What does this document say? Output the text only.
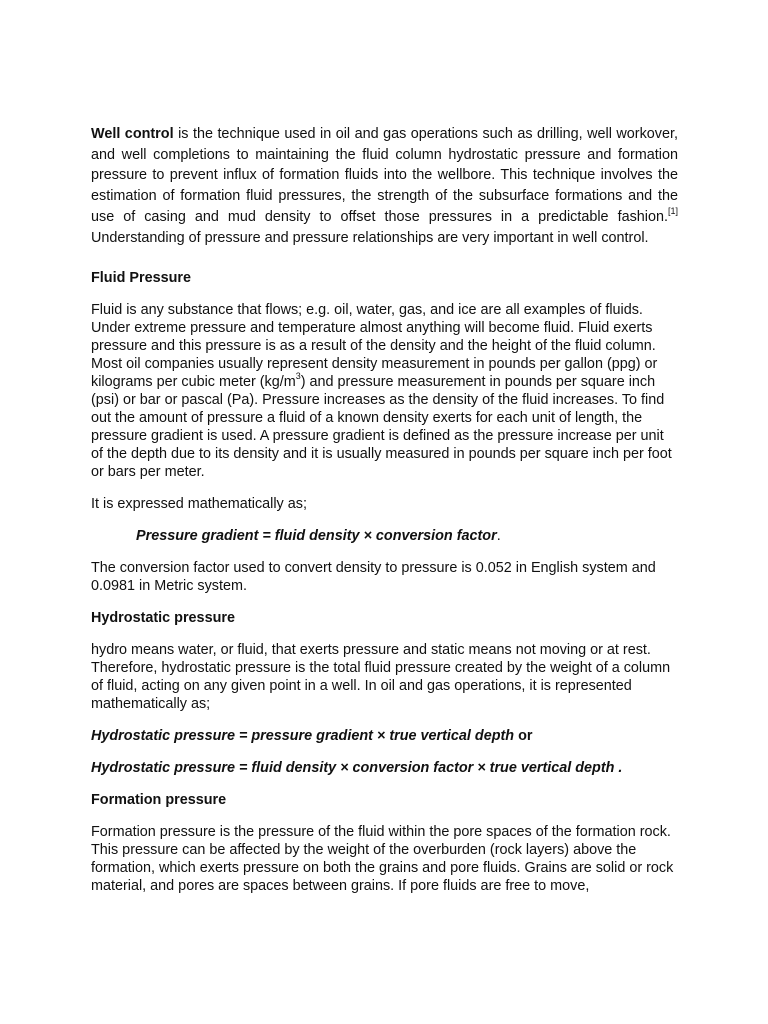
Well control is the technique used in oil and gas operations such as drilling, well workover, and well completions to maintaining the fluid column hydrostatic pressure and formation pressure to prevent influx of formation fluids into the wellbore. This technique involves the estimation of formation fluid pressures, the strength of the subsurface formations and the use of casing and mud density to offset those pressures in a predictable fashion.[1] Understanding of pressure and pressure relationships are very important in well control.

Fluid Pressure

Fluid is any substance that flows; e.g. oil, water, gas, and ice are all examples of fluids. Under extreme pressure and temperature almost anything will become fluid. Fluid exerts pressure and this pressure is as a result of the density and the height of the fluid column. Most oil companies usually represent density measurement in pounds per gallon (ppg) or kilograms per cubic meter $(kg/m^3)$ and pressure measurement in pounds per square inch (psi) or bar or pascal (Pa). Pressure increases as the density of the fluid increases. To find out the amount of pressure a fluid of a known density exerts for each unit of length, the pressure gradient is used. A pressure gradient is defined as the pressure increase per unit of the depth due to its density and it is usually measured in pounds per square inch per foot or bars per meter.

It is expressed mathematically as;

Pressure gradient = fluid density × conversion factor.

The conversion factor used to convert density to pressure is 0.052 in English system and 0.0981 in Metric system.

Hydrostatic pressure

hydro means water, or fluid, that exerts pressure and static means not moving or at rest. Therefore, hydrostatic pressure is the total fluid pressure created by the weight of a column of fluid, acting on any given point in a well. In oil and gas operations, it is represented mathematically as;

Hydrostatic pressure = pressure gradient × true vertical depth or

Hydrostatic pressure = fluid density × conversion factor × true vertical depth .

Formation pressure

Formation pressure is the pressure of the fluid within the pore spaces of the formation rock. This pressure can be affected by the weight of the overburden (rock layers) above the formation, which exerts pressure on both the grains and pore fluids. Grains are solid or rock material, and pores are spaces between grains. If pore fluids are free to move,
